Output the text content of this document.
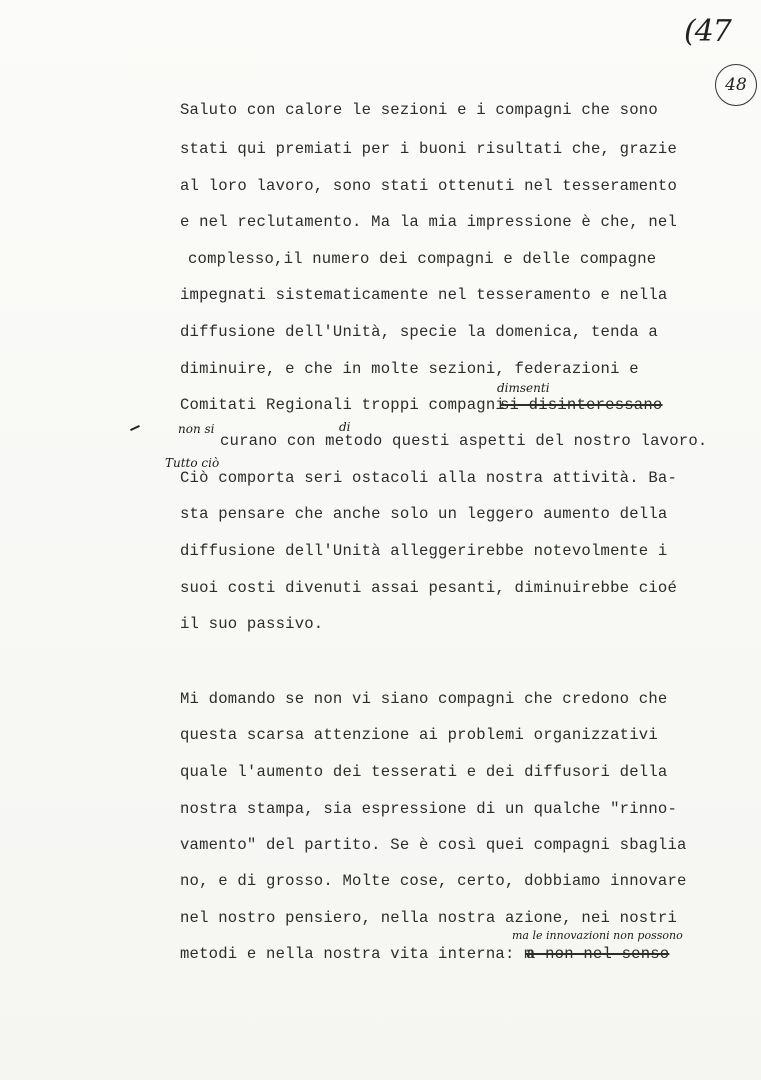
(47
48
Saluto con calore le sezioni e i compagni che sono
stati qui premiati per i buoni risultati che, grazie
al loro lavoro, sono stati ottenuti nel tesseramento
e nel reclutamento. Ma la mia impressione è che, nel
complesso,il numero dei compagni e delle compagne
impegnati sistematicamente nel tesseramento e nella
diffusione dell'Unità, specie la domenica, tenda a
diminuire, e che in molte sezioni, federazioni e
Comitati Regionali troppi compagni
si disinteressano
curano con metodo questi aspetti del nostro lavoro.
Ciò comporta seri ostacoli alla nostra attività. Ba-
sta pensare che anche solo un leggero aumento della
diffusione dell'Unità alleggerirebbe notevolmente i
suoi costi divenuti assai pesanti, diminuirebbe cioé
il suo passivo.
Mi domando se non vi siano compagni che credono che
questa scarsa attenzione ai problemi organizzativi
quale l'aumento dei tesserati e dei diffusori della
nostra stampa, sia espressione di un qualche "rinno-
vamento" del partito. Se è così quei compagni sbaglia
no, e di grosso. Molte cose, certo, dobbiamo innovare
nel nostro pensiero, nella nostra azione, nei nostri
metodi e nella nostra vita interna: m
a non nel senso
dimsenti
non si	di
Tutto ciò
ma le innovazioni non possono
